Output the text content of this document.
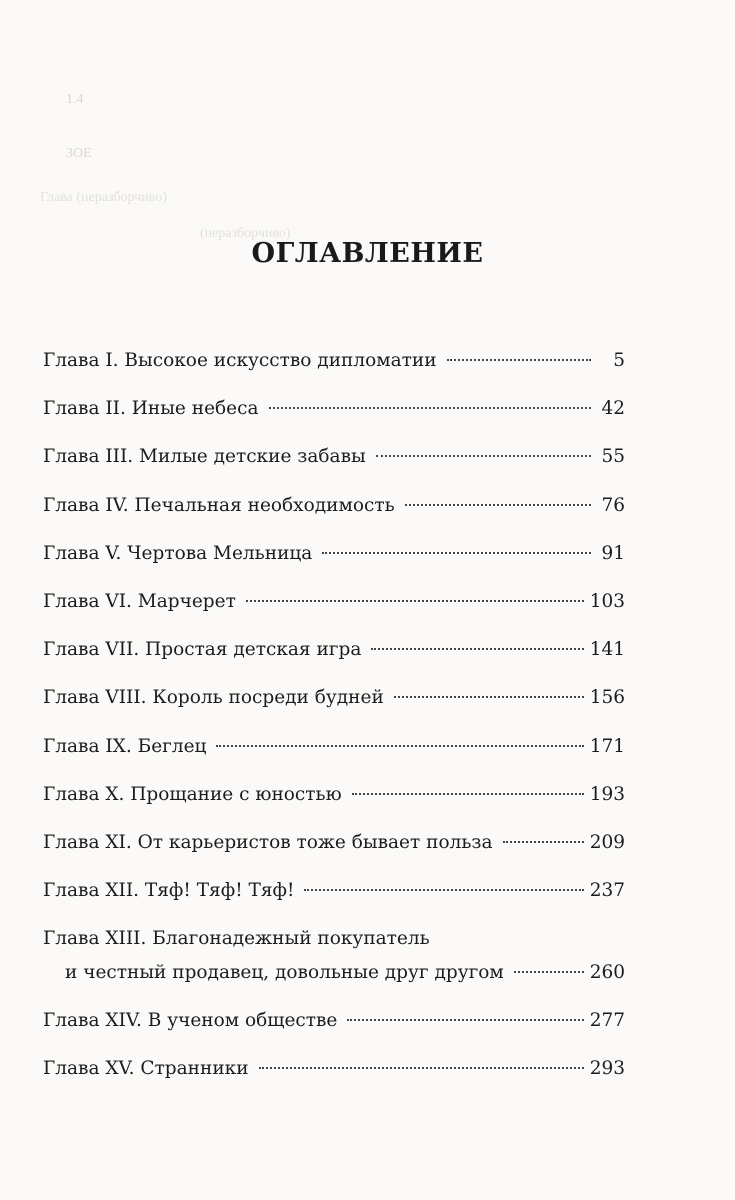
1.4
ЗОЕ
Глава (неразборчиво)
(неразборчиво)
ОГЛАВЛЕНИЕ
Глава I. Высокое искусство дипломатии	5
Глава II. Иные небеса	42
Глава III. Милые детские забавы	55
Глава IV. Печальная необходимость	76
Глава V. Чертова Мельница	91
Глава VI. Марчерет	103
Глава VII. Простая детская игра	141
Глава VIII. Король посреди будней	156
Глава IX. Беглец	171
Глава X. Прощание с юностью	193
Глава XI. От карьеристов тоже бывает польза	209
Глава XII. Тяф! Тяф! Тяф!	237
Глава XIII. Благонадежный покупатель
и честный продавец, довольные друг другом	260
Глава XIV. В ученом обществе	277
Глава XV. Странники	293
